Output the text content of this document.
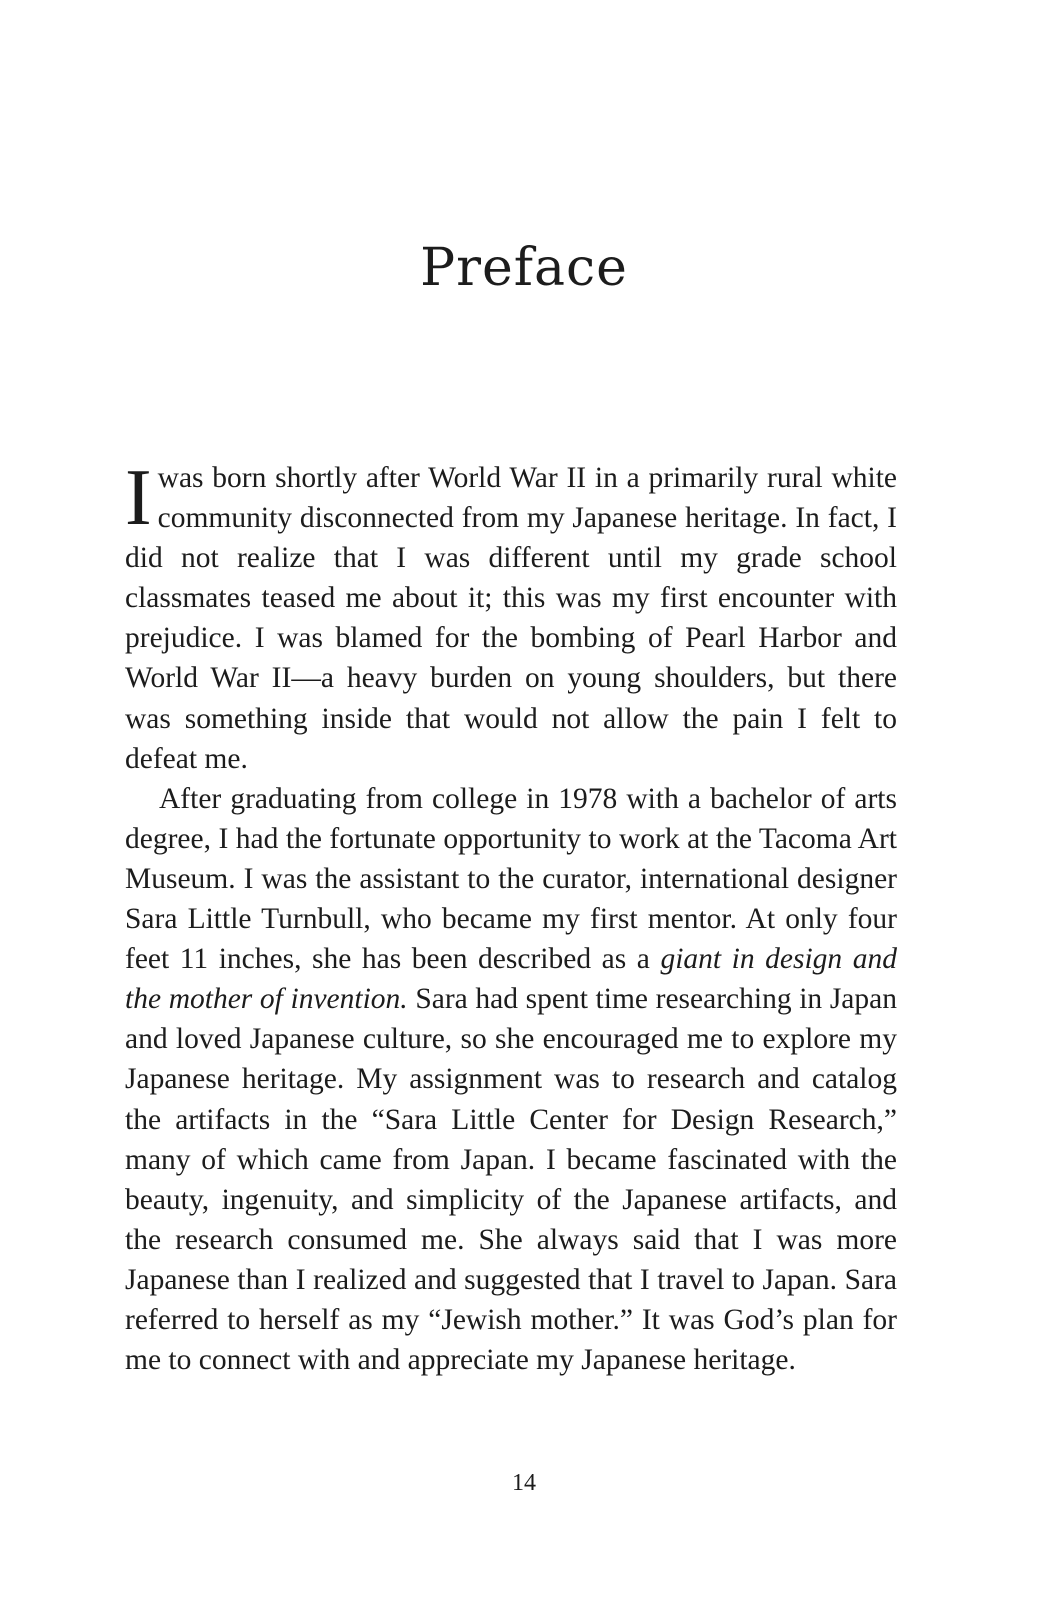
Preface

Iwas born shortly after World War II in a primarily rural white community disconnected from my Japanese heritage. In fact, I did not realize that I was different until my grade school classmates teased me about it; this was my first encounter with prejudice. I was blamed for the bombing of Pearl Harbor and World War II—a heavy burden on young shoulders, but there was something inside that would not allow the pain I felt to defeat me.

After graduating from college in 1978 with a bachelor of arts degree, I had the fortunate opportunity to work at the Tacoma Art Museum. I was the assistant to the curator, international designer Sara Little Turnbull, who became my first mentor. At only four feet 11 inches, she has been described as a giant in design and the mother of invention. Sara had spent time researching in Japan and loved Japanese culture, so she encouraged me to explore my Japanese heritage. My assignment was to research and catalog the artifacts in the “Sara Little Center for Design Research,” many of which came from Japan. I became fascinated with the beauty, ingenuity, and simplicity of the Japanese artifacts, and the research consumed me. She always said that I was more Japanese than I realized and suggested that I travel to Japan. Sara referred to herself as my “Jewish mother.” It was God’s plan for me to connect with and appreciate my Japanese heritage.

14
